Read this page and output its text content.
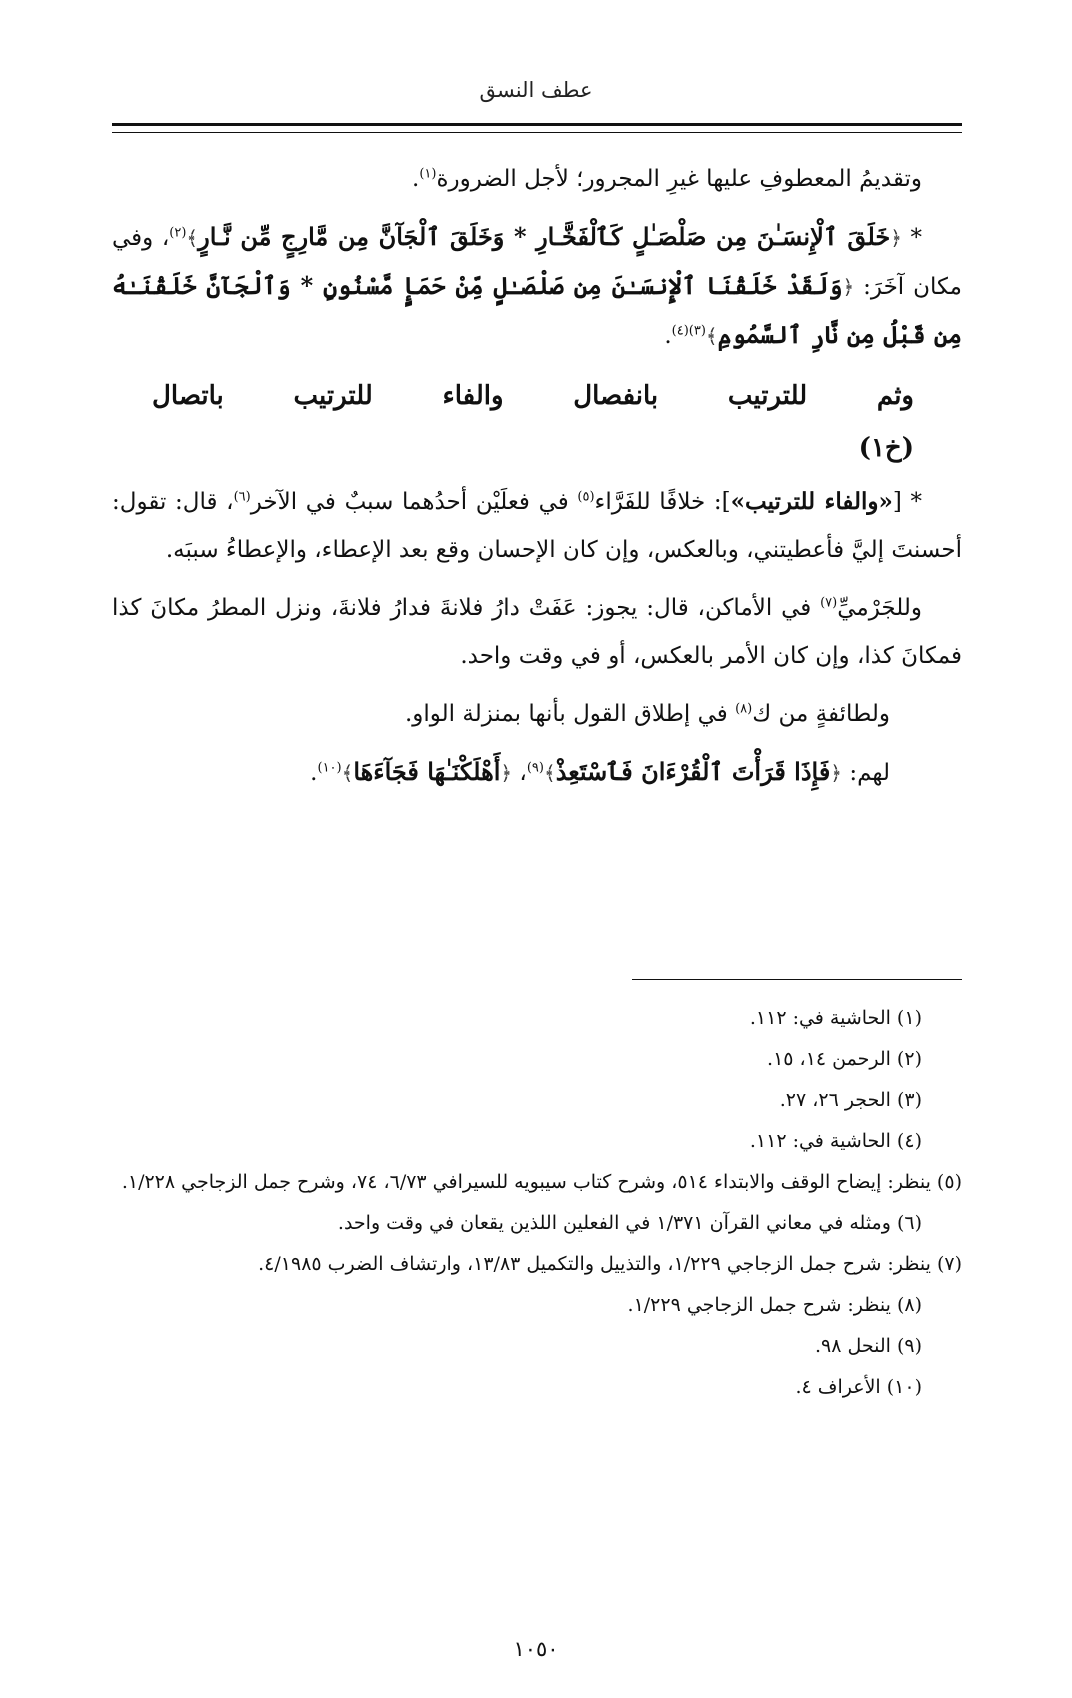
عطف النسق

وتقديمُ المعطوفِ عليها غيرِ المجرور؛ لأجل الضرورة$^{(١)}$.

* ﴿خَلَقَ ٱلْإِنسَـٰنَ مِن صَلْصَـٰلٍ كَٱلْفَخَّـارِ * وَخَلَقَ ٱلْجَآنَّ مِن مَّارِجٍ مِّن نَّـارٍ﴾$^{(٢)}$، وفي مكان آخَرَ: ﴿وَلَقَدْ خَلَقْنَا ٱلْإِنسَـٰنَ مِن صَلْصَـٰلٍ مِّنْ حَمَإٍ مَّسْنُونٍ * وَٱلْجَآنَّ خَلَقْنَـٰهُ مِن قَبْلُ مِن نَّارِ ٱلسَّمُومِ﴾$^{(٣)(٤)}$.

وثم
للترتيب
بانفصال
والفاء
للترتيب
باتصال
(خ١)

* [«والفاء للترتيب»]: خلافًا للفَرَّاء$^{(٥)}$ في فعلَيْن أحدُهما سببٌ في الآخر$^{(٦)}$، قال: تقول: أحسنتَ إليَّ فأعطيتني، وبالعكس، وإن كان الإحسان وقع بعد الإعطاء، والإعطاءُ سببَه.

وللجَرْميِّ$^{(٧)}$ في الأماكن، قال: يجوز: عَفَتْ دارُ فلانةَ فدارُ فلانةَ، ونزل المطرُ مكانَ كذا فمكانَ كذا، وإن كان الأمر بالعكس، أو في وقت واحد.

ولطائفةٍ من ك$^{(٨)}$ في إطلاق القول بأنها بمنزلة الواو.

لهم: ﴿فَإِذَا قَرَأْتَ ٱلْقُرْءَانَ فَٱسْتَعِذْ﴾$^{(٩)}$، ﴿أَهْلَكْنَـٰهَا فَجَآءَهَا﴾$^{(١٠)}$.

(١) الحاشية في: ١١٢.
(٢) الرحمن ١٤، ١٥.
(٣) الحجر ٢٦، ٢٧.
(٤) الحاشية في: ١١٢.
(٥) ينظر: إيضاح الوقف والابتداء ٥١٤، وشرح كتاب سيبويه للسيرافي ٦/٧٣، ٧٤، وشرح جمل الزجاجي ١/٢٢٨.
(٦) ومثله في معاني القرآن ١/٣٧١ في الفعلين اللذين يقعان في وقت واحد.
(٧) ينظر: شرح جمل الزجاجي ١/٢٢٩، والتذييل والتكميل ١٣/٨٣، وارتشاف الضرب ٤/١٩٨٥.
(٨) ينظر: شرح جمل الزجاجي ١/٢٢٩.
(٩) النحل ٩٨.
(١٠) الأعراف ٤.
١٠٥٠
